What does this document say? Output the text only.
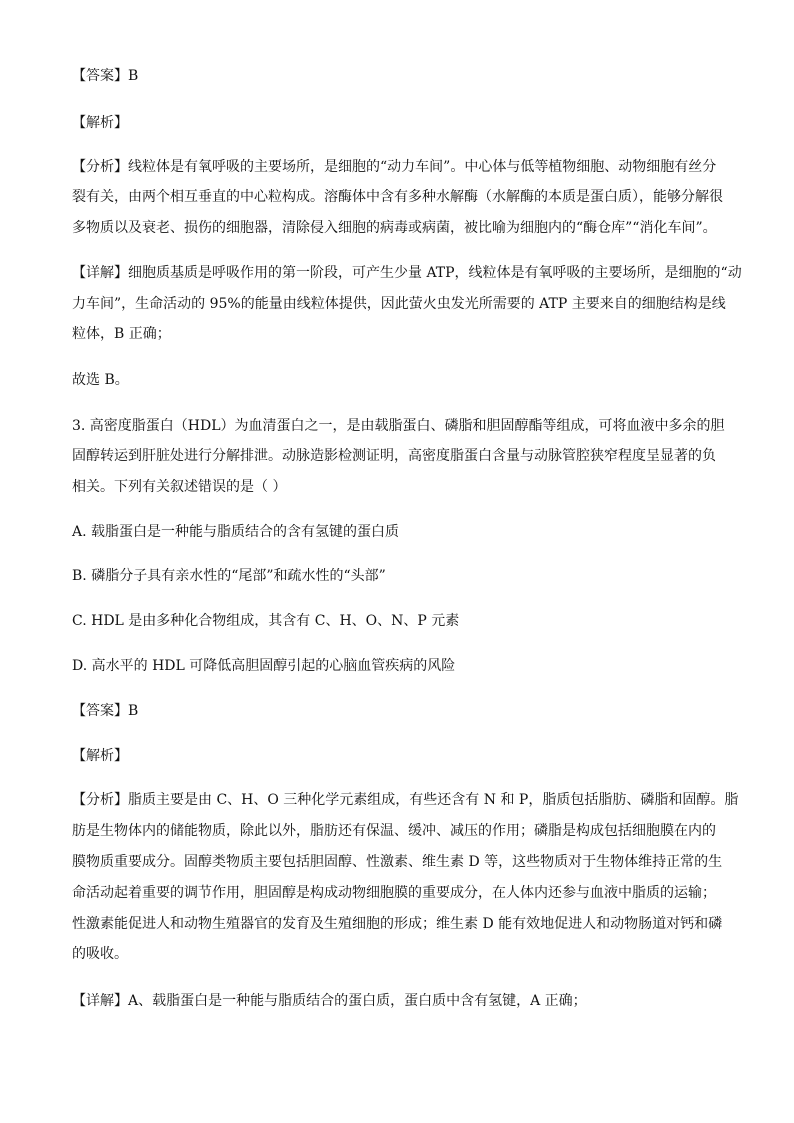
【答案】B
【解析】
【分析】线粒体是有氧呼吸的主要场所，是细胞的“动力车间”。中心体与低等植物细胞、动物细胞有丝分
裂有关，由两个相互垂直的中心粒构成。溶酶体中含有多种水解酶（水解酶的本质是蛋白质），能够分解很
多物质以及衰老、损伤的细胞器，清除侵入细胞的病毒或病菌，被比喻为细胞内的“酶仓库”“消化车间”。
【详解】细胞质基质是呼吸作用的第一阶段，可产生少量 ATP，线粒体是有氧呼吸的主要场所，是细胞的“动
力车间”，生命活动的 95%的能量由线粒体提供，因此萤火虫发光所需要的 ATP 主要来自的细胞结构是线
粒体，B 正确；
故选 B。
3. 高密度脂蛋白（HDL）为血清蛋白之一，是由载脂蛋白、磷脂和胆固醇酯等组成，可将血液中多余的胆
固醇转运到肝脏处进行分解排泄。动脉造影检测证明，高密度脂蛋白含量与动脉管腔狭窄程度呈显著的负
相关。下列有关叙述错误的是（ ）
A. 载脂蛋白是一种能与脂质结合的含有氢键的蛋白质
B. 磷脂分子具有亲水性的“尾部”和疏水性的“头部”
C. HDL 是由多种化合物组成，其含有 C、H、O、N、P 元素
D. 高水平的 HDL 可降低高胆固醇引起的心脑血管疾病的风险
【答案】B
【解析】
【分析】脂质主要是由 C、H、O 三种化学元素组成，有些还含有 N 和 P，脂质包括脂肪、磷脂和固醇。脂
肪是生物体内的储能物质，除此以外，脂肪还有保温、缓冲、减压的作用；磷脂是构成包括细胞膜在内的
膜物质重要成分。固醇类物质主要包括胆固醇、性激素、维生素 D 等，这些物质对于生物体维持正常的生
命活动起着重要的调节作用，胆固醇是构成动物细胞膜的重要成分，在人体内还参与血液中脂质的运输；
性激素能促进人和动物生殖器官的发育及生殖细胞的形成；维生素 D 能有效地促进人和动物肠道对钙和磷
的吸收。
【详解】A、载脂蛋白是一种能与脂质结合的蛋白质，蛋白质中含有氢键，A 正确；
